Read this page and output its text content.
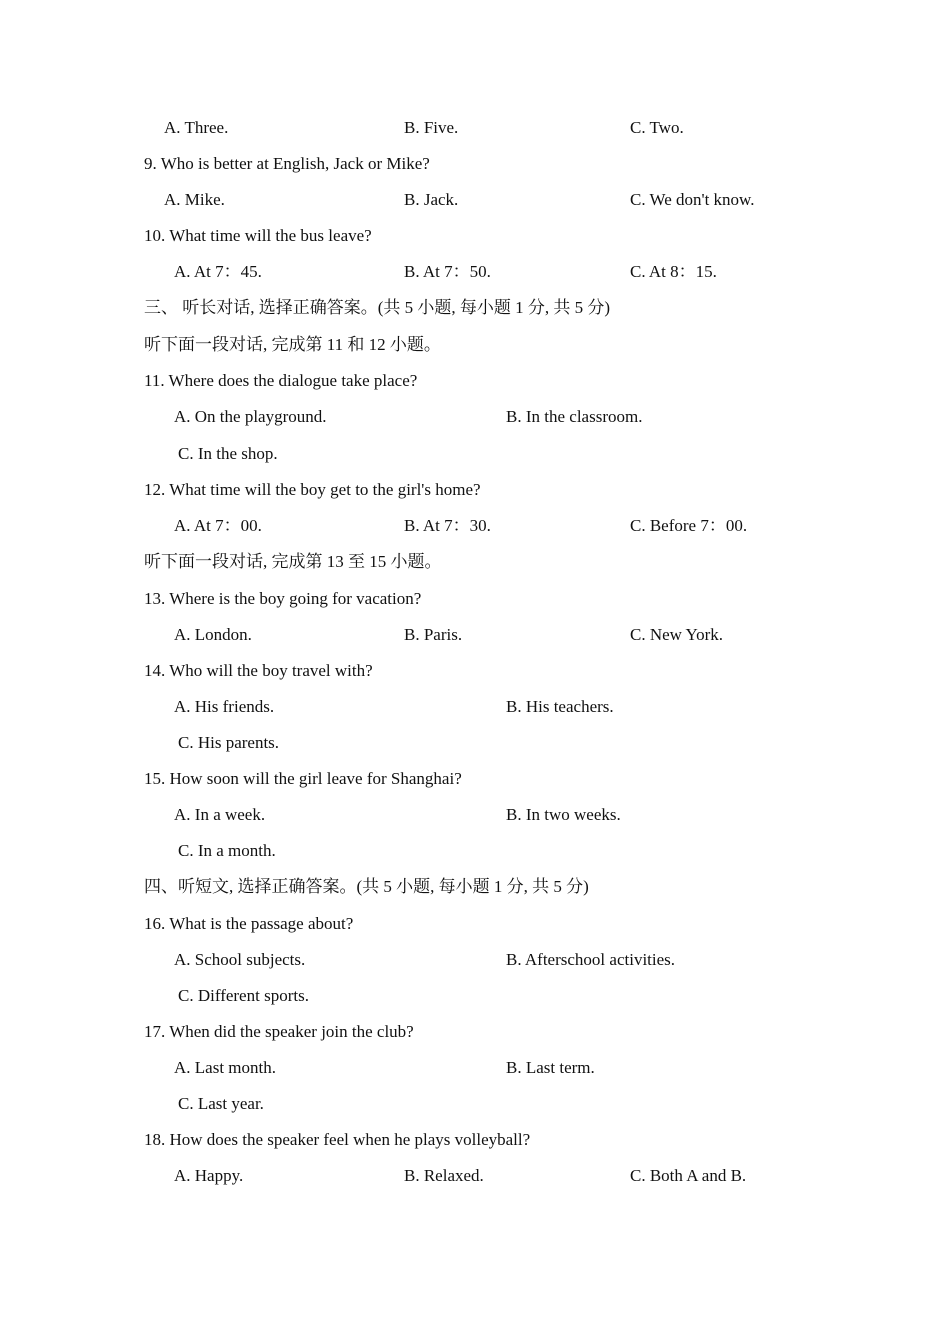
A. Three.	B. Five.	C. Two.
9. Who is better at English, Jack or Mike?
A. Mike.	B. Jack.	C. We don't know.
10. What time will the bus leave?
A. At 7：45.	B. At 7：50.	C. At 8：15.
三、 听长对话, 选择正确答案。(共 5 小题, 每小题 1 分, 共 5 分)
听下面一段对话, 完成第 11 和 12 小题。
11. Where does the dialogue take place?
A. On the playground.	B. In the classroom.
C. In the shop.
12. What time will the boy get to the girl's home?
A. At 7：00.	B. At 7：30.	C. Before 7：00.
听下面一段对话, 完成第 13 至 15 小题。
13. Where is the boy going for vacation?
A. London.	B. Paris.	C. New York.
14. Who will the boy travel with?
A. His friends.	B. His teachers.
C. His parents.
15. How soon will the girl leave for Shanghai?
A. In a week.	B. In two weeks.
C. In a month.
四、听短文, 选择正确答案。(共 5 小题, 每小题 1 分, 共 5 分)
16. What is the passage about?
A. School subjects.	B. Afterschool activities.
C. Different sports.
17. When did the speaker join the club?
A. Last month.	B. Last term.
C. Last year.
18. How does the speaker feel when he plays volleyball?
A. Happy.	B. Relaxed.	C. Both A and B.
